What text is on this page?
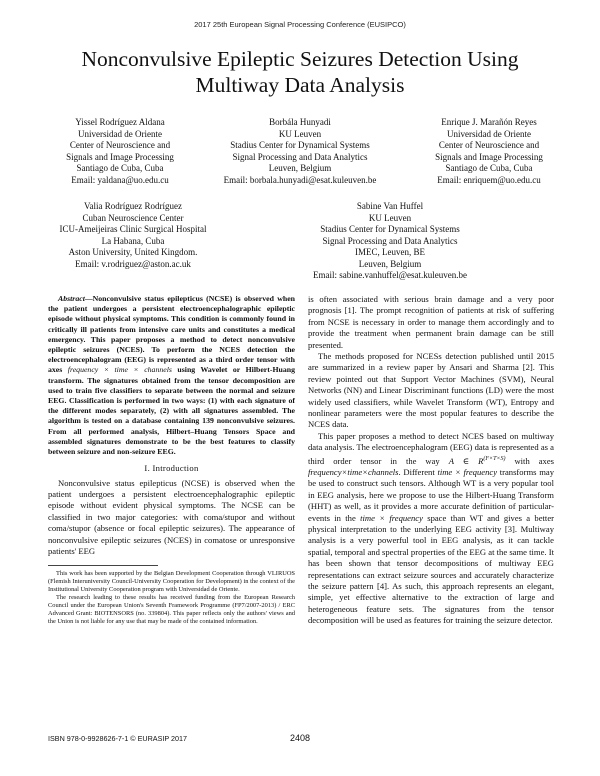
2017 25th European Signal Processing Conference (EUSIPCO)
Nonconvulsive Epileptic Seizures Detection Using
Multiway Data Analysis
Yissel Rodríguez Aldana
Universidad de Oriente
Center of Neuroscience and
Signals and Image Processing
Santiago de Cuba, Cuba
Email: yaldana@uo.edu.cu
Borbála Hunyadi
KU Leuven
Stadius Center for Dynamical Systems
Signal Processing and Data Analytics
Leuven, Belgium
Email: borbala.hunyadi@esat.kuleuven.be
Enrique J. Marañón Reyes
Universidad de Oriente
Center of Neuroscience and
Signals and Image Processing
Santiago de Cuba, Cuba
Email: enriquem@uo.edu.cu
Valia Rodríguez Rodríguez
Cuban Neuroscience Center
ICU-Ameijeiras Clinic Surgical Hospital
La Habana, Cuba
Aston University, United Kingdom.
Email: v.rodriguez@aston.ac.uk
Sabine Van Huffel
KU Leuven
Stadius Center for Dynamical Systems
Signal Processing and Data Analytics
IMEC, Leuven, BE
Leuven, Belgium
Email: sabine.vanhuffel@esat.kuleuven.be

Abstract—Nonconvulsive status epilepticus (NCSE) is observed when the patient undergoes a persistent electroencephalographic epileptic episode without physical symptoms. This condition is commonly found in critically ill patients from intensive care units and constitutes a medical emergency. This paper proposes a method to detect nonconvulsive epileptic seizures (NCES). To perform the NCES detection the electroencephalogram (EEG) is represented as a third order tensor with axes frequency × time × channels using Wavelet or Hilbert-Huang transform. The signatures obtained from the tensor decomposition are used to train five classifiers to separate between the normal and seizure EEG. Classification is performed in two ways: (1) with each signature of the different modes separately, (2) with all signatures assembled. The algorithm is tested on a database containing 139 nonconvulsive seizures. From all performed analysis, Hilbert–Huang Tensors Space and assembled signatures demonstrate to be the best features to classify between seizure and non-seizure EEG.

I. Introduction

Nonconvulsive status epilepticus (NCSE) is observed when the patient undergoes a persistent electroencephalographic epileptic episode without evident physical symptoms. The NCSE can be classified in two major categories: with coma/stupor and without coma/stupor (absence or focal epileptic seizures). The appearance of nonconvulsive epileptic seizures (NCES) in comatose or unresponsive patients' EEG

This work has been supported by the Belgian Development Cooperation through VLIRUOS (Flemish Interuniversity Council-University Cooperation for Development) in the context of the Institutional University Cooperation program with Universidad de Oriente.

The research leading to these results has received funding from the European Research Council under the European Union's Seventh Framework Programme (FP7/2007-2013) / ERC Advanced Grant: BIOTENSORS (no. 339804). This paper reflects only the authors' views and the Union is not liable for any use that may be made of the contained information.

is often associated with serious brain damage and a very poor prognosis [1]. The prompt recognition of patients at risk of suffering from NCSE is necessary in order to manage them accordingly and to provide the treatment when permanent brain damage can be still presented.

The methods proposed for NCESs detection published until 2015 are summarized in a review paper by Ansari and Sharma [2]. This review pointed out that Support Vector Machines (SVM), Neural Networks (NN) and Linear Discriminant functions (LD) were the most widely used classifiers, while Wavelet Transform (WT), Entropy and nonlinear parameters were the most popular features to describe the NCES data.

This paper proposes a method to detect NCES based on multiway data analysis. The electroencephalogram (EEG) data is represented as a third order tensor in the way A ∈ $R^{(F\times T\times S)}$ with axes frequency×time×channels. Different time × frequency transforms may be used to construct such tensors. Although WT is a very popular tool in EEG analysis, here we propose to use the Hilbert-Huang Transform (HHT) as well, as it provides a more accurate definition of particular-events in the time × frequency space than WT and gives a better physical interpretation to the underlying EEG activity [3]. Multiway analysis is a very powerful tool in EEG analysis, as it can tackle spatial, temporal and spectral properties of the EEG at the same time. It has been shown that tensor decompositions of multiway EEG representations can extract seizure sources and accurately characterize the seizure pattern [4]. As such, this approach represents an elegant, simple, yet effective alternative to the extraction of large and heterogeneous feature sets. The signatures from the tensor decomposition will be used as features for training the seizure detector.

ISBN 978-0-9928626-7-1 © EURASIP 2017	2408
